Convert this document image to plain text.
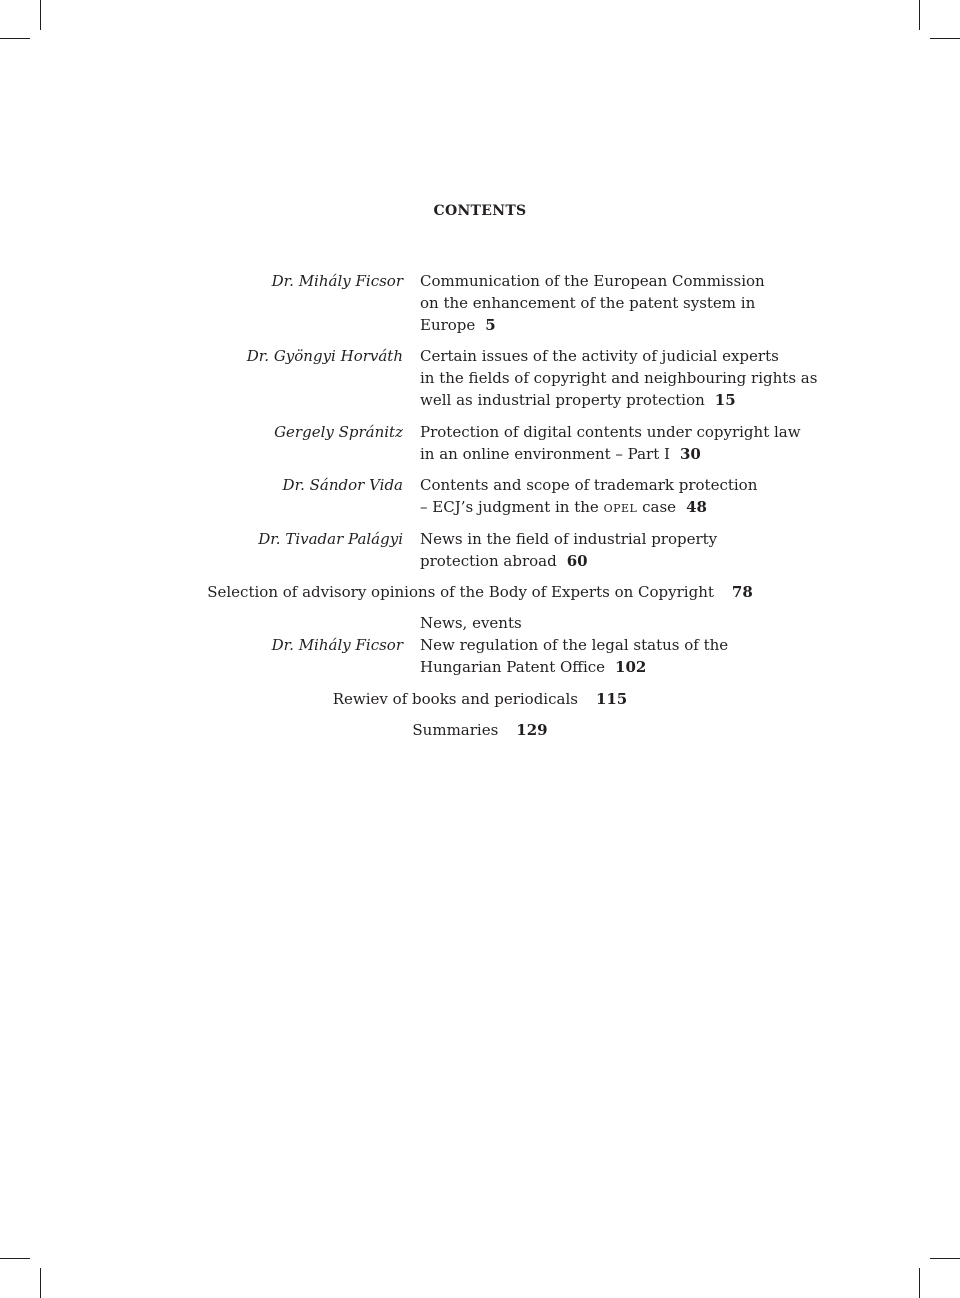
CONTENTS
Dr. Mihály Ficsor Communication of the European Commission
on the enhancement of the patent system in
Europe 5
Dr. Gyöngyi Horváth Certain issues of the activity of judicial experts
in the fields of copyright and neighbouring rights as
well as industrial property protection 15
Gergely Spránitz Protection of digital contents under copyright law
in an online environment – Part I 30
Dr. Sándor Vida Contents and scope of trademark protection
– ECJ’s judgment in the opel case 48
Dr. Tivadar Palágyi News in the field of industrial property
protection abroad 60
Selection of advisory opinions of the Body of Experts on Copyright 78
News, events
Dr. Mihály Ficsor New regulation of the legal status of the
Hungarian Patent Office 102
Rewiev of books and periodicals 115
Summaries 129
